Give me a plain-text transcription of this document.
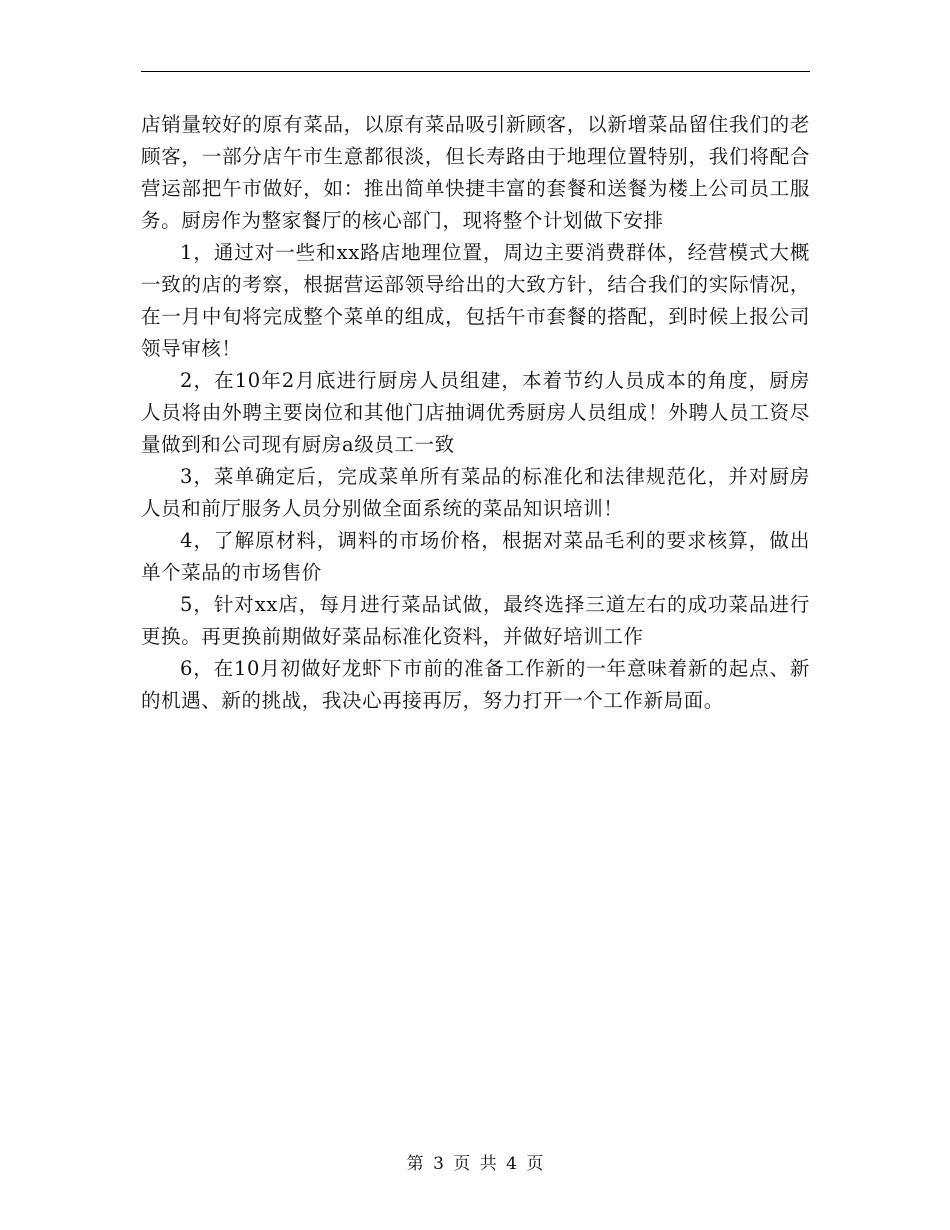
店销量较好的原有菜品，以原有菜品吸引新顾客，以新增菜品留住我们的老顾客，一部分店午市生意都很淡，但长寿路由于地理位置特别，我们将配合营运部把午市做好，如：推出简单快捷丰富的套餐和送餐为楼上公司员工服务。厨房作为整家餐厅的核心部门，现将整个计划做下安排

1，通过对一些和xx路店地理位置，周边主要消费群体，经营模式大概一致的店的考察，根据营运部领导给出的大致方针，结合我们的实际情况，在一月中旬将完成整个菜单的组成，包括午市套餐的搭配，到时候上报公司领导审核！

2，在10年2月底进行厨房人员组建，本着节约人员成本的角度，厨房人员将由外聘主要岗位和其他门店抽调优秀厨房人员组成！外聘人员工资尽量做到和公司现有厨房a级员工一致

3，菜单确定后，完成菜单所有菜品的标准化和法律规范化，并对厨房人员和前厅服务人员分别做全面系统的菜品知识培训！

4，了解原材料，调料的市场价格，根据对菜品毛利的要求核算，做出单个菜品的市场售价

5，针对xx店，每月进行菜品试做，最终选择三道左右的成功菜品进行更换。再更换前期做好菜品标准化资料，并做好培训工作

6，在10月初做好龙虾下市前的准备工作新的一年意味着新的起点、新的机遇、新的挑战，我决心再接再厉，努力打开一个工作新局面。

第 3 页 共 4 页
